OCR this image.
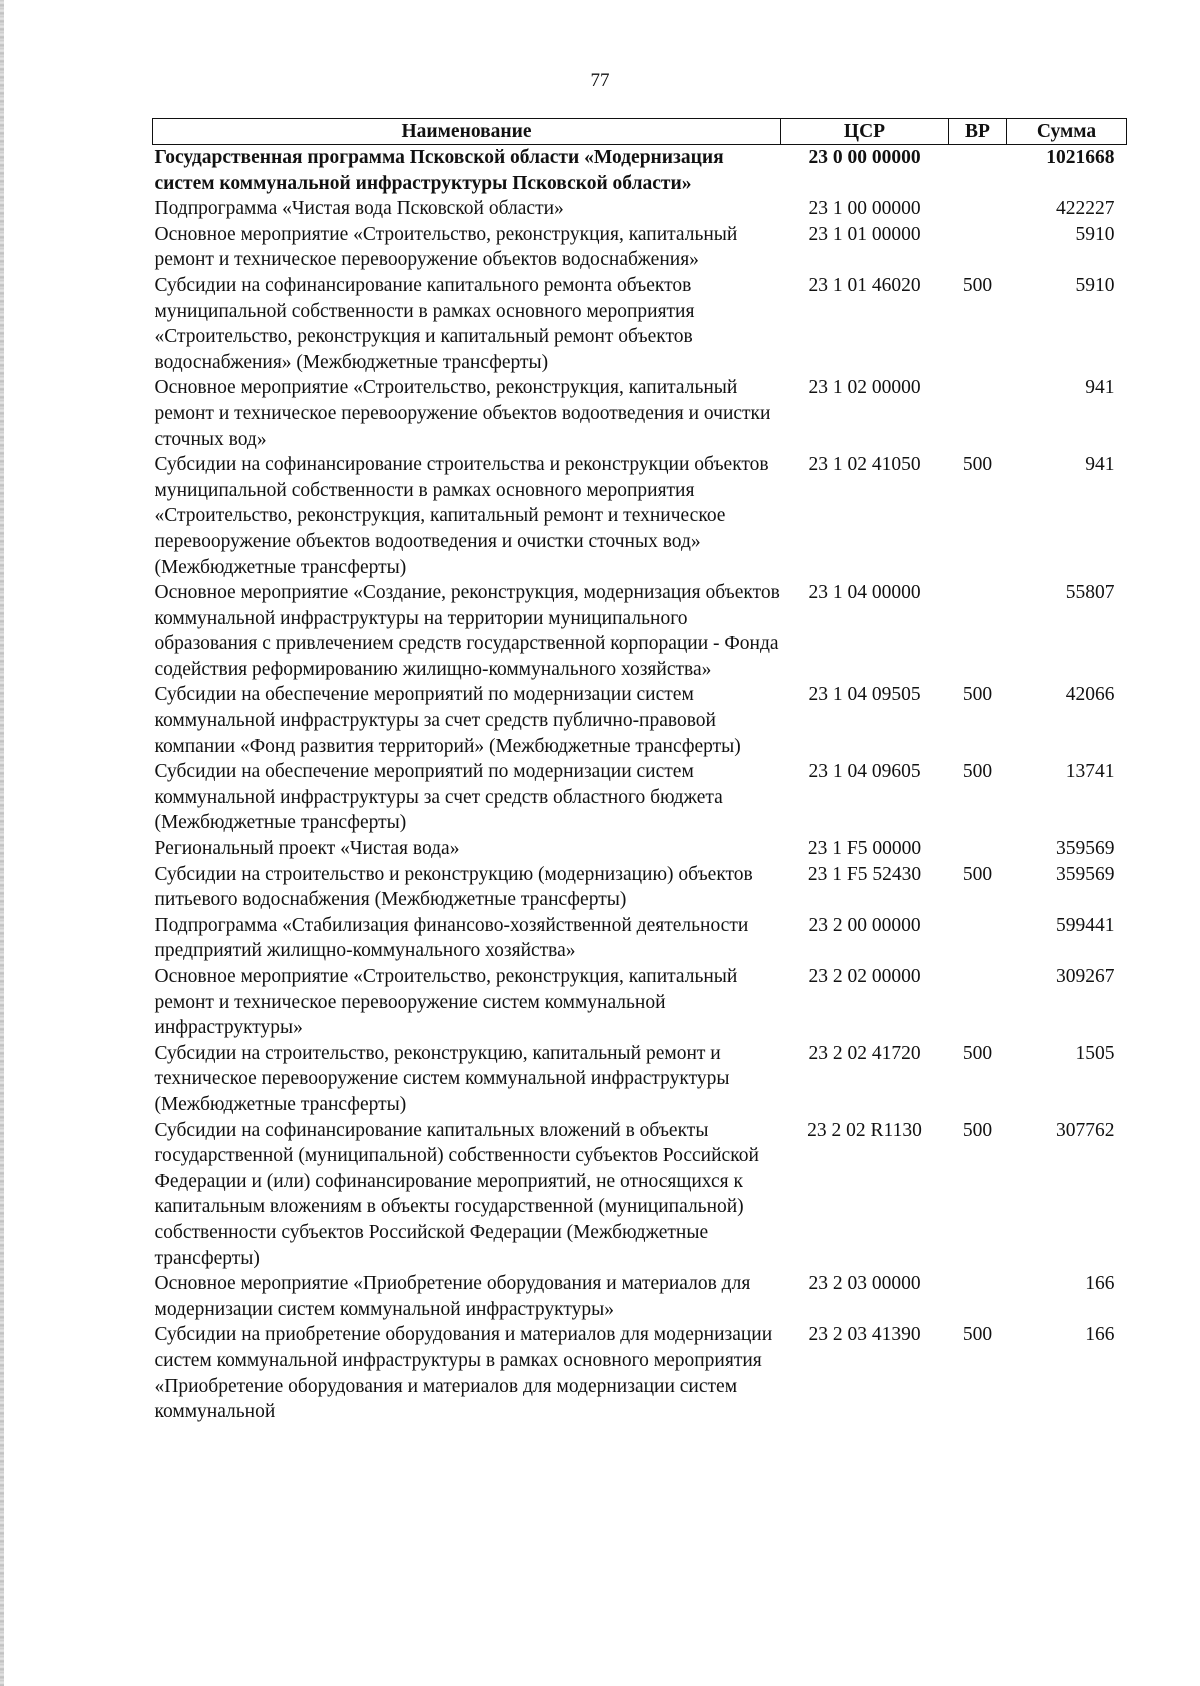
77
Наименование	ЦСР	ВР	Сумма
Государственная программа Псковской области «Модернизация систем коммунальной инфраструктуры Псковской области»	23 0 00 00000		1021668
Подпрограмма «Чистая вода Псковской области»	23 1 00 00000		422227
Основное мероприятие «Строительство, реконструкция, капитальный ремонт и техническое перевооружение объектов водоснабжения»	23 1 01 00000		5910
Субсидии на софинансирование капитального ремонта объектов муниципальной собственности в рамках основного мероприятия «Строительство, реконструкция и капитальный ремонт объектов водоснабжения» (Межбюджетные трансферты)	23 1 01 46020	500	5910
Основное мероприятие «Строительство, реконструкция, капитальный ремонт и техническое перевооружение объектов водоотведения и очистки сточных вод»	23 1 02 00000		941
Субсидии на софинансирование строительства и реконструкции объектов муниципальной собственности в рамках основного мероприятия «Строительство, реконструкция, капитальный ремонт и техническое перевооружение объектов водоотведения и очистки сточных вод» (Межбюджетные трансферты)	23 1 02 41050	500	941
Основное мероприятие «Создание, реконструкция, модернизация объектов коммунальной инфраструктуры на территории муниципального образования с привлечением средств государственной корпорации - Фонда содействия реформированию жилищно-коммунального хозяйства»	23 1 04 00000		55807
Субсидии на обеспечение мероприятий по модернизации систем коммунальной инфраструктуры за счет средств публично-правовой компании «Фонд развития территорий» (Межбюджетные трансферты)	23 1 04 09505	500	42066
Субсидии на обеспечение мероприятий по модернизации систем коммунальной инфраструктуры за счет средств областного бюджета (Межбюджетные трансферты)	23 1 04 09605	500	13741
Региональный проект «Чистая вода»	23 1 F5 00000		359569
Субсидии на строительство и реконструкцию (модернизацию) объектов питьевого водоснабжения (Межбюджетные трансферты)	23 1 F5 52430	500	359569
Подпрограмма «Стабилизация финансово-хозяйственной деятельности предприятий жилищно-коммунального хозяйства»	23 2 00 00000		599441
Основное мероприятие «Строительство, реконструкция, капитальный ремонт и техническое перевооружение систем коммунальной инфраструктуры»	23 2 02 00000		309267
Субсидии на строительство, реконструкцию, капитальный ремонт и техническое перевооружение систем коммунальной инфраструктуры (Межбюджетные трансферты)	23 2 02 41720	500	1505
Субсидии на софинансирование капитальных вложений в объекты государственной (муниципальной) собственности субъектов Российской Федерации и (или) софинансирование мероприятий, не относящихся к капитальным вложениям в объекты государственной (муниципальной) собственности субъектов Российской Федерации (Межбюджетные трансферты)	23 2 02 R1130	500	307762
Основное мероприятие «Приобретение оборудования и материалов для модернизации систем коммунальной инфраструктуры»	23 2 03 00000		166
Субсидии на приобретение оборудования и материалов для модернизации систем коммунальной инфраструктуры в рамках основного мероприятия «Приобретение оборудования и материалов для модернизации систем коммунальной	23 2 03 41390	500	166
